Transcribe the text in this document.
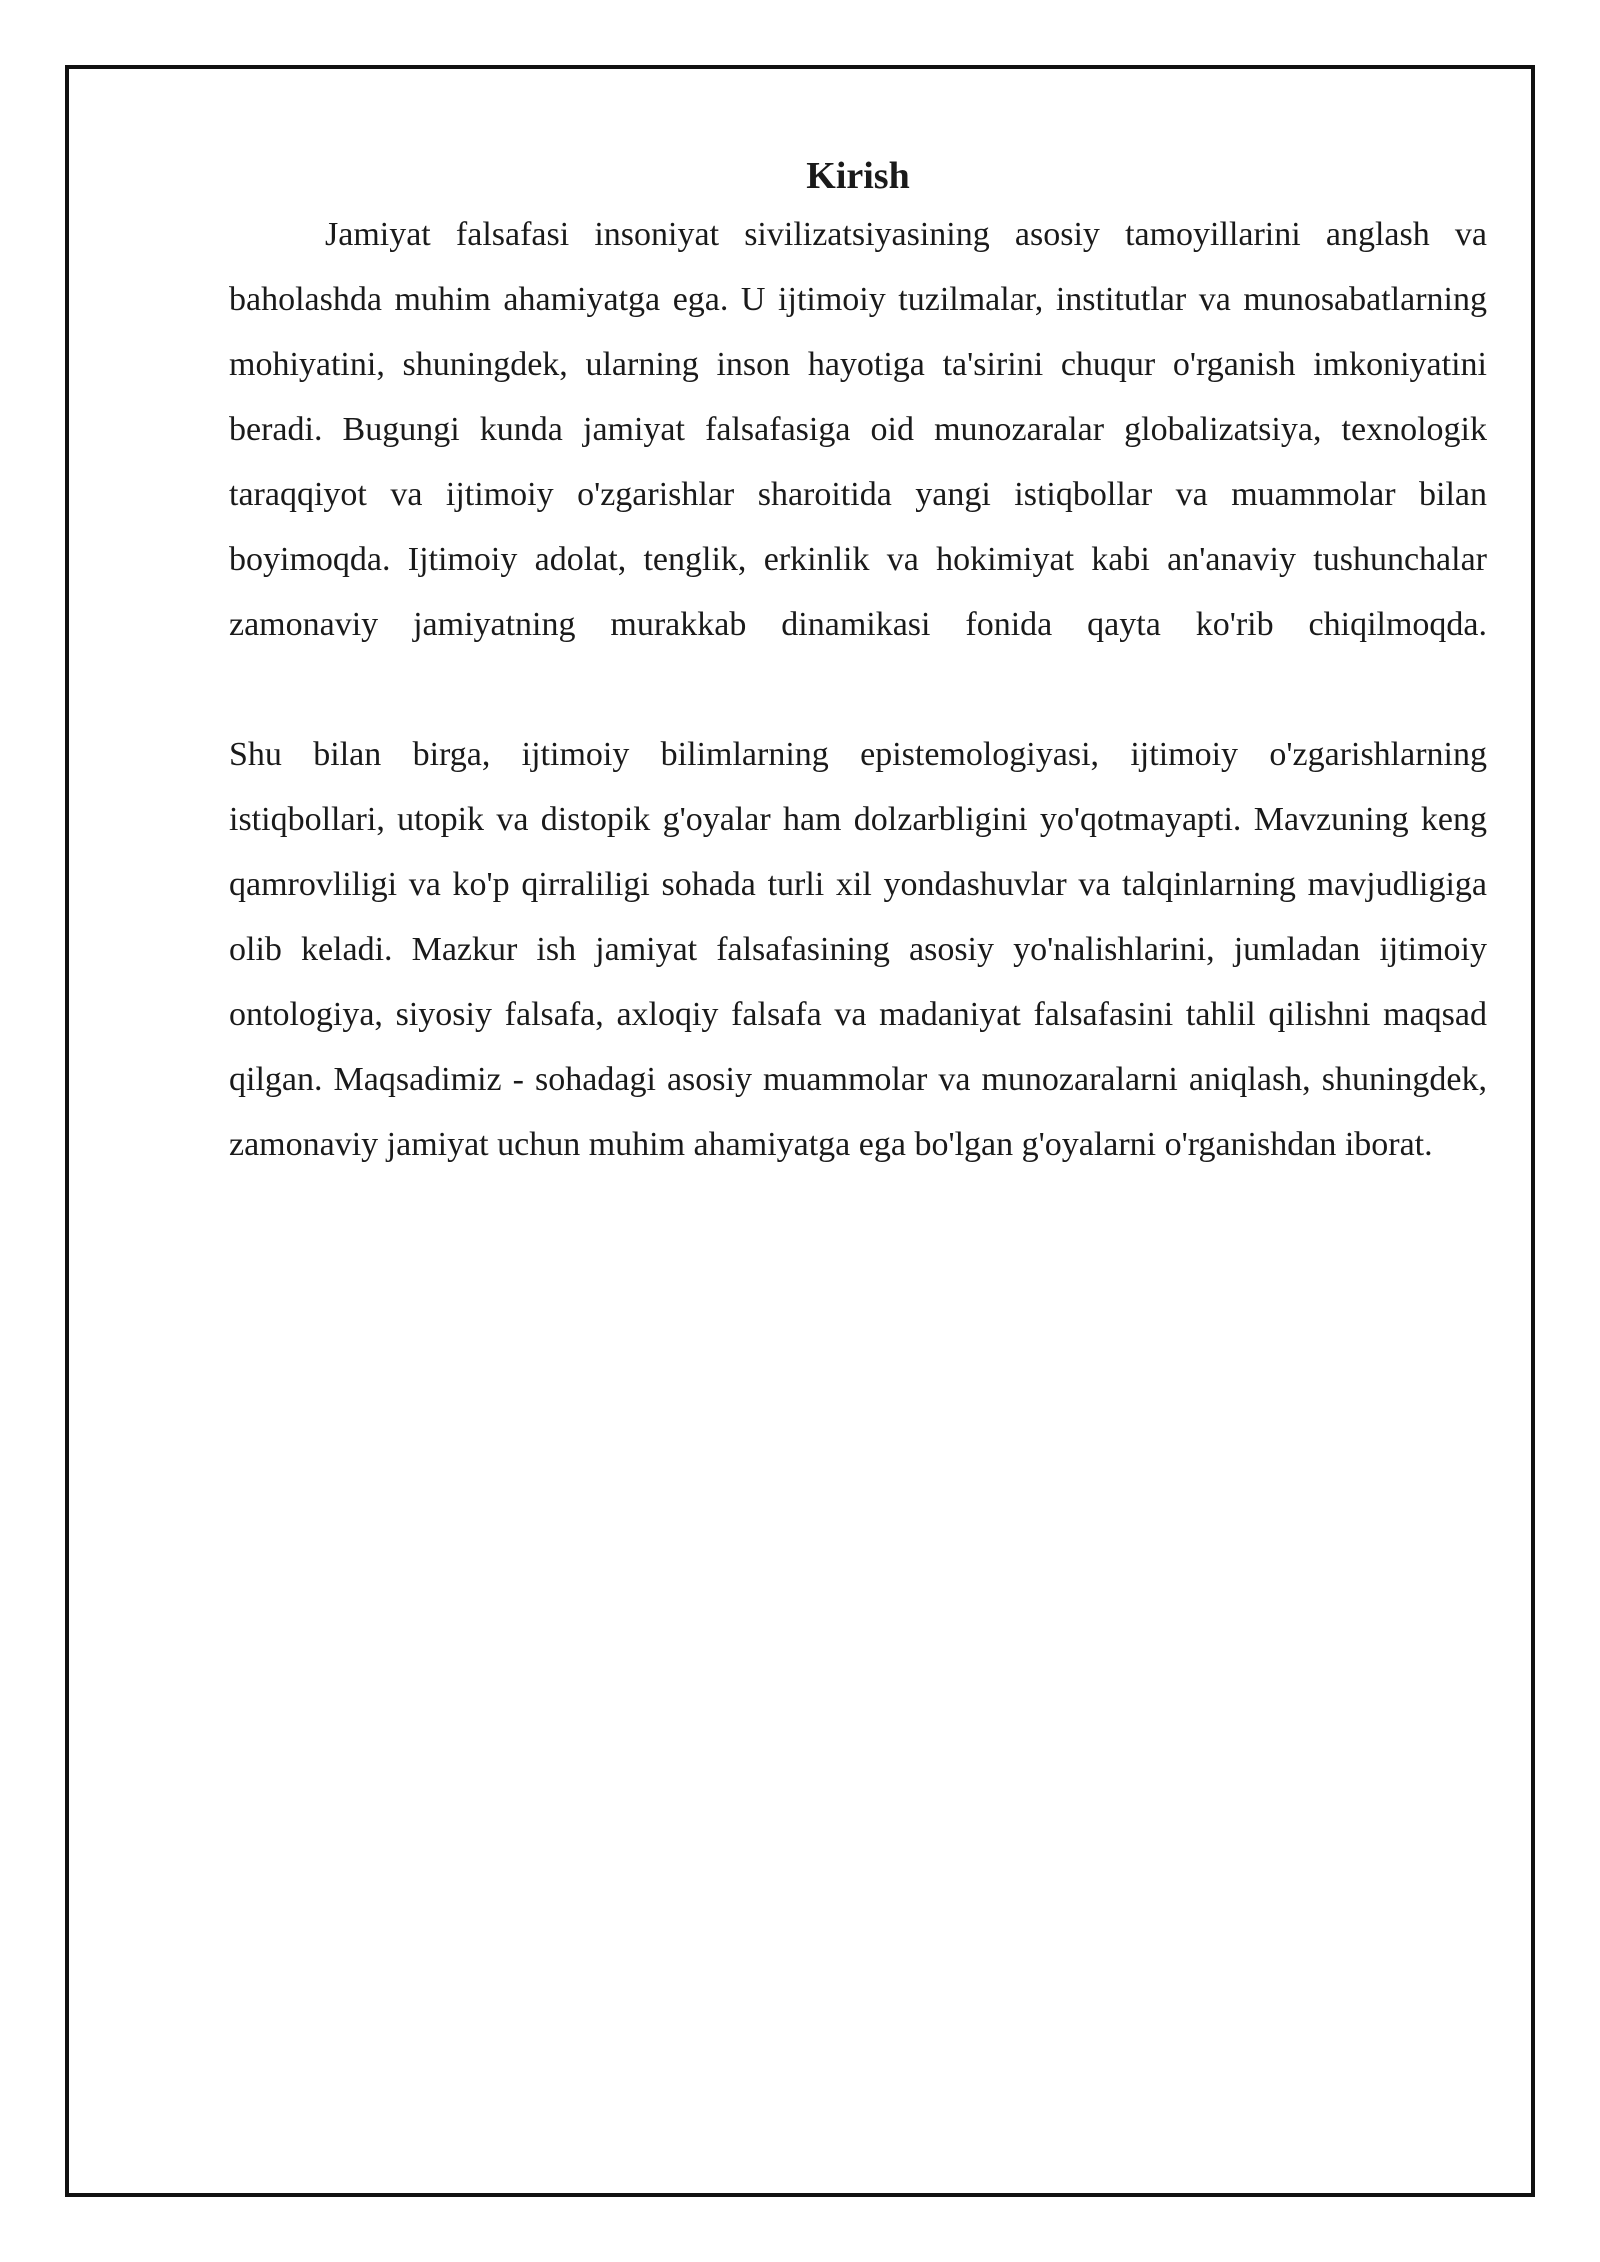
Kirish

Jamiyat falsafasi insoniyat sivilizatsiyasining asosiy tamoyillarini anglash va baholashda muhim ahamiyatga ega. U ijtimoiy tuzilmalar, institutlar va munosabatlarning mohiyatini, shuningdek, ularning inson hayotiga ta'sirini chuqur o'rganish imkoniyatini beradi. Bugungi kunda jamiyat falsafasiga oid munozaralar globalizatsiya, texnologik taraqqiyot va ijtimoiy o'zgarishlar sharoitida yangi istiqbollar va muammolar bilan boyimoqda. Ijtimoiy adolat, tenglik, erkinlik va hokimiyat kabi an'anaviy tushunchalar zamonaviy jamiyatning murakkab dinamikasi fonida qayta ko'rib chiqilmoqda.

Shu bilan birga, ijtimoiy bilimlarning epistemologiyasi, ijtimoiy o'zgarishlarning istiqbollari, utopik va distopik g'oyalar ham dolzarbligini yo'qotmayapti. Mavzuning keng qamrovliligi va ko'p qirraliligi sohada turli xil yondashuvlar va talqinlarning mavjudligiga olib keladi. Mazkur ish jamiyat falsafasining asosiy yo'nalishlarini, jumladan ijtimoiy ontologiya, siyosiy falsafa, axloqiy falsafa va madaniyat falsafasini tahlil qilishni maqsad qilgan. Maqsadimiz - sohadagi asosiy muammolar va munozaralarni aniqlash, shuningdek, zamonaviy jamiyat uchun muhim ahamiyatga ega bo'lgan g'oyalarni o'rganishdan iborat.
